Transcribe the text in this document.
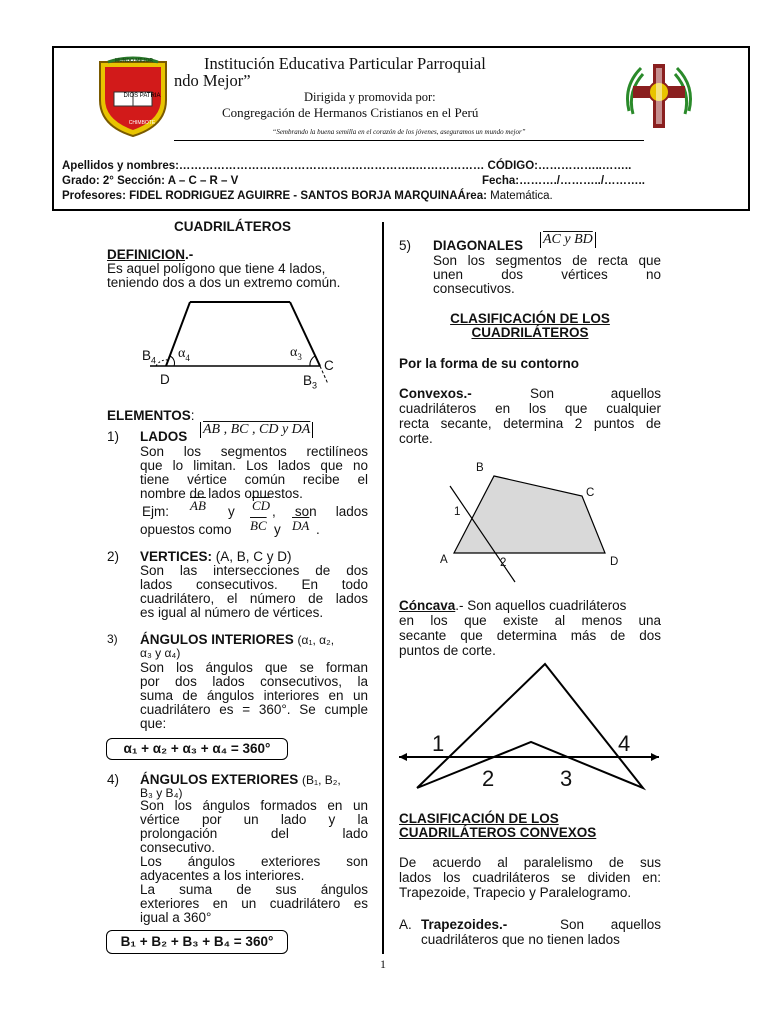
MUNDO MEJOR
DIOS PATRIA
CHIMBOTE
Institución Educativa Particular Parroquial
ndo Mejor”
Dirigida y promovida por:
Congregación de Hermanos Cristianos en el Perú
“Sembrando la buena semilla en el corazón de los jóvenes, aseguramos un mundo mejor”
Apellidos y nombres:……………………………………………………..……………… CÓDIGO:……………..……..
Grado: 2° Sección: A – C – R – V	Fecha:………./………../………..
Profesores: FIDEL RODRIGUEZ AGUIRRE - SANTOS BORJA MARQUINAÁrea: Matemática.
CUADRILÁTEROS
DEFINICION.-
Es aquel polígono que tiene 4 lados,
teniendo dos a dos un extremo común.
$B_4$ $\alpha_4$	$\alpha_3$
C
D	$B_3$
ELEMENTOS:
1) LADOS AB , BC , CD y DA
Son los segmentos rectilíneos
que lo limitan. Los lados que no
tiene vértice común recibe el
nombre de lados opuestos.
Ejm: $\overline{AB}$ y $\overline{CD}$ , son lados
opuestos como $\overline{BC}$ y $\overline{DA}$ .
2) VERTICES: (A, B, C y D)
Son las intersecciones de dos
lados consecutivos. En todo
cuadrilátero, el número de lados
es igual al número de vértices.
3) ÁNGULOS INTERIORES (α₁, α₂,
α₃ y α₄)
Son los ángulos que se forman
por dos lados consecutivos, la
suma de ángulos interiores en un
cuadrilátero es = 360°. Se cumple
que:
α₁ + α₂ + α₃ + α₄ = 360°
4) ÁNGULOS EXTERIORES (B₁, B₂,
B₃ y B₄)
Son los ángulos formados en un
vértice por un lado y la
prolongación del lado
consecutivo.
Los ángulos exteriores son
adyacentes a los interiores.
La suma de sus ángulos
exteriores en un cuadrilátero es
igual a 360°
B₁ + B₂ + B₃ + B₄ = 360°
5) DIAGONALES AC y BD
Son los segmentos de recta que
unen dos vértices no
consecutivos.
CLASIFICACIÓN DE LOS
CUADRILÁTEROS
Por la forma de su contorno
Convexos.-	Son aquellos
cuadriláteros en los que cualquier
recta secante, determina 2 puntos de
corte.
B
C
A	D
1
2
Cóncava.- Son aquellos cuadriláteros
en los que existe al menos una
secante que determina más de dos
puntos de corte.
1
2	3
4
CLASIFICACIÓN DE LOS
CUADRILÁTEROS CONVEXOS
De acuerdo al paralelismo de sus
lados los cuadriláteros se dividen en:
Trapezoide, Trapecio y Paralelogramo.
A. Trapezoides.-	Son aquellos
cuadriláteros que no tienen lados
1
